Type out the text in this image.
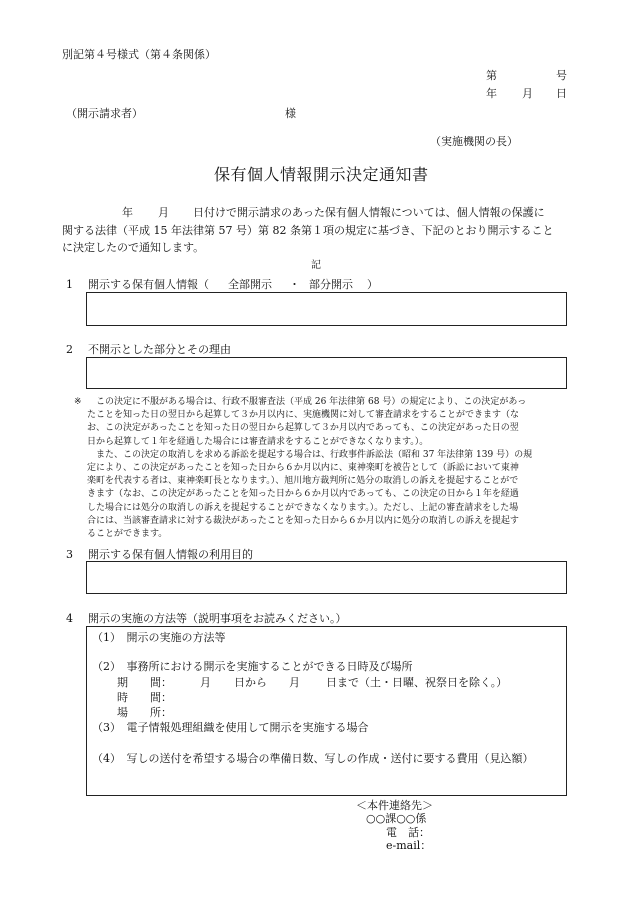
別記第４号様式（第４条関係）
第	号
年 月 日
（開示請求者）	様
（実施機関の長）
保有個人情報開示決定通知書
年 月 日付けで開示請求のあった保有個人情報については、個人情報の保護に
関する法律（平成 15 年法律第 57 号）第 82 条第１項の規定に基づき、下記のとおり開示すること
に決定したので通知します。
記
1 開示する保有個人情報（ 全部開示 ・ 部分開示 ）
2 不開示とした部分とその理由
※ この決定に不服がある場合は、行政不服審査法（平成 26 年法律第 68 号）の規定により、この決定があっ
たことを知った日の翌日から起算して３か月以内に、実施機関に対して審査請求をすることができます（な
お、この決定があったことを知った日の翌日から起算して３か月以内であっても、この決定があった日の翌
日から起算して１年を経過した場合には審査請求をすることができなくなります。）。
また、この決定の取消しを求める訴訟を提起する場合は、行政事件訴訟法（昭和 37 年法律第 139 号）の規
定により、この決定があったことを知った日から６か月以内に、東神楽町を被告として（訴訟において東神
楽町を代表する者は、東神楽町長となります。）、旭川地方裁判所に処分の取消しの訴えを提起することがで
きます（なお、この決定があったことを知った日から６か月以内であっても、この決定の日から１年を経過
した場合には処分の取消しの訴えを提起することができなくなります。）。ただし、上記の審査請求をした場
合には、当該審査請求に対する裁決があったことを知った日から６か月以内に処分の取消しの訴えを提起す
ることができます。
3 開示する保有個人情報の利用目的
4 開示の実施の方法等（説明事項をお読みください。）
（1）　開示の実施の方法等
（2）　事務所における開示を実施することができる日時及び場所
期　　間：	月 日から 月 日まで（土・日曜、祝祭日を除く。）
時　　間：
場　　所：
（3）　電子情報処理組織を使用して開示を実施する場合
（4）　写しの送付を希望する場合の準備日数、写しの作成・送付に要する費用（見込額）
＜本件連絡先＞
○○課○○係
電　話：
e-mail：
